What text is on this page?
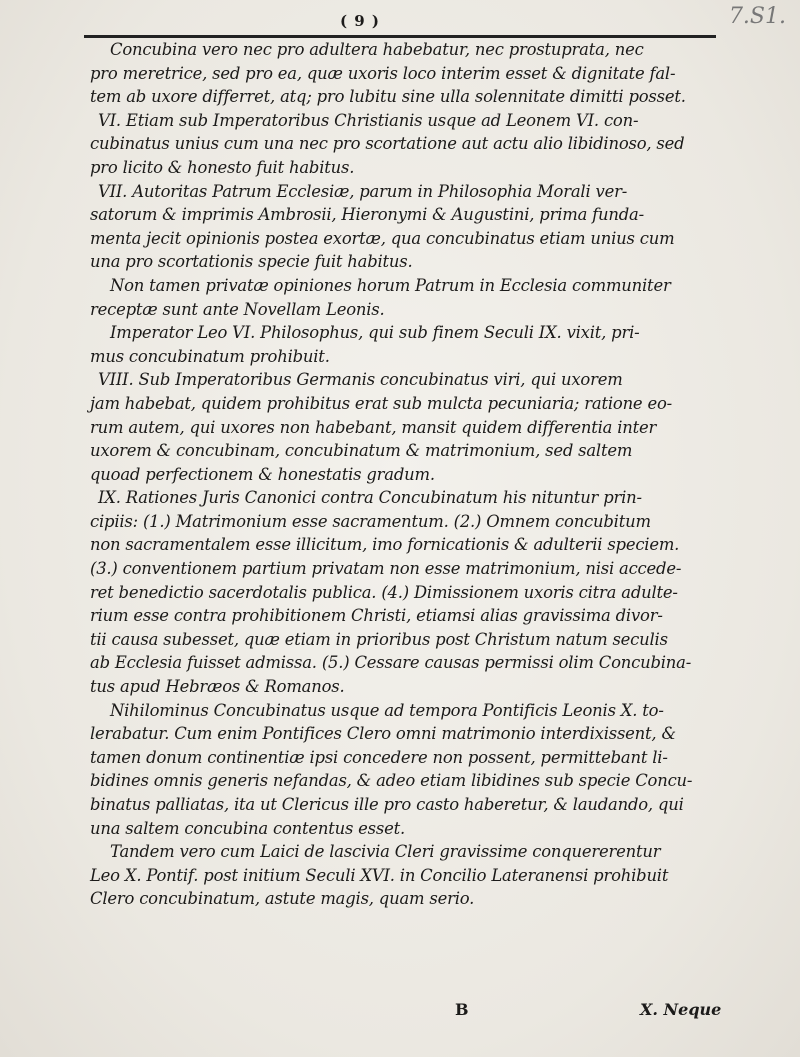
7.S1.
( 9 )
Concubina vero nec pro adultera habebatur, nec prostuprata, nec
pro meretrice, sed pro ea, quæ uxoris loco interim esset & dignitate fal-
tem ab uxore differret, atq; pro lubitu sine ulla solennitate dimitti posset.
VI. Etiam sub Imperatoribus Christianis usque ad Leonem VI. con-
cubinatus unius cum una nec pro scortatione aut actu alio libidinoso, sed
pro licito & honesto fuit habitus.
VII. Autoritas Patrum Ecclesiæ, parum in Philosophia Morali ver-
satorum & imprimis Ambrosii, Hieronymi & Augustini, prima funda-
menta jecit opinionis postea exortæ, qua concubinatus etiam unius cum
una pro scortationis specie fuit habitus.
Non tamen privatæ opiniones horum Patrum in Ecclesia communiter
receptæ sunt ante Novellam Leonis.
Imperator Leo VI. Philosophus, qui sub finem Seculi IX. vixit, pri-
mus concubinatum prohibuit.
VIII. Sub Imperatoribus Germanis concubinatus viri, qui uxorem
jam habebat, quidem prohibitus erat sub mulcta pecuniaria; ratione eo-
rum autem, qui uxores non habebant, mansit quidem differentia inter
uxorem & concubinam, concubinatum & matrimonium, sed saltem
quoad perfectionem & honestatis gradum.
IX. Rationes Juris Canonici contra Concubinatum his nituntur prin-
cipiis: (1.) Matrimonium esse sacramentum. (2.) Omnem concubitum
non sacramentalem esse illicitum, imo fornicationis & adulterii speciem.
(3.) conventionem partium privatam non esse matrimonium, nisi accede-
ret benedictio sacerdotalis publica. (4.) Dimissionem uxoris citra adulte-
rium esse contra prohibitionem Christi, etiamsi alias gravissima divor-
tii causa subesset, quæ etiam in prioribus post Christum natum seculis
ab Ecclesia fuisset admissa. (5.) Cessare causas permissi olim Concubina-
tus apud Hebræos & Romanos.
Nihilominus Concubinatus usque ad tempora Pontificis Leonis X. to-
lerabatur. Cum enim Pontifices Clero omni matrimonio interdixissent, &
tamen donum continentiæ ipsi concedere non possent, permittebant li-
bidines omnis generis nefandas, & adeo etiam libidines sub specie Concu-
binatus palliatas, ita ut Clericus ille pro casto haberetur, & laudando, qui
una saltem concubina contentus esset.
Tandem vero cum Laici de lascivia Cleri gravissime conquererentur
Leo X. Pontif. post initium Seculi XVI. in Concilio Lateranensi prohibuit
Clero concubinatum, astute magis, quam serio.
B	X. Neque
